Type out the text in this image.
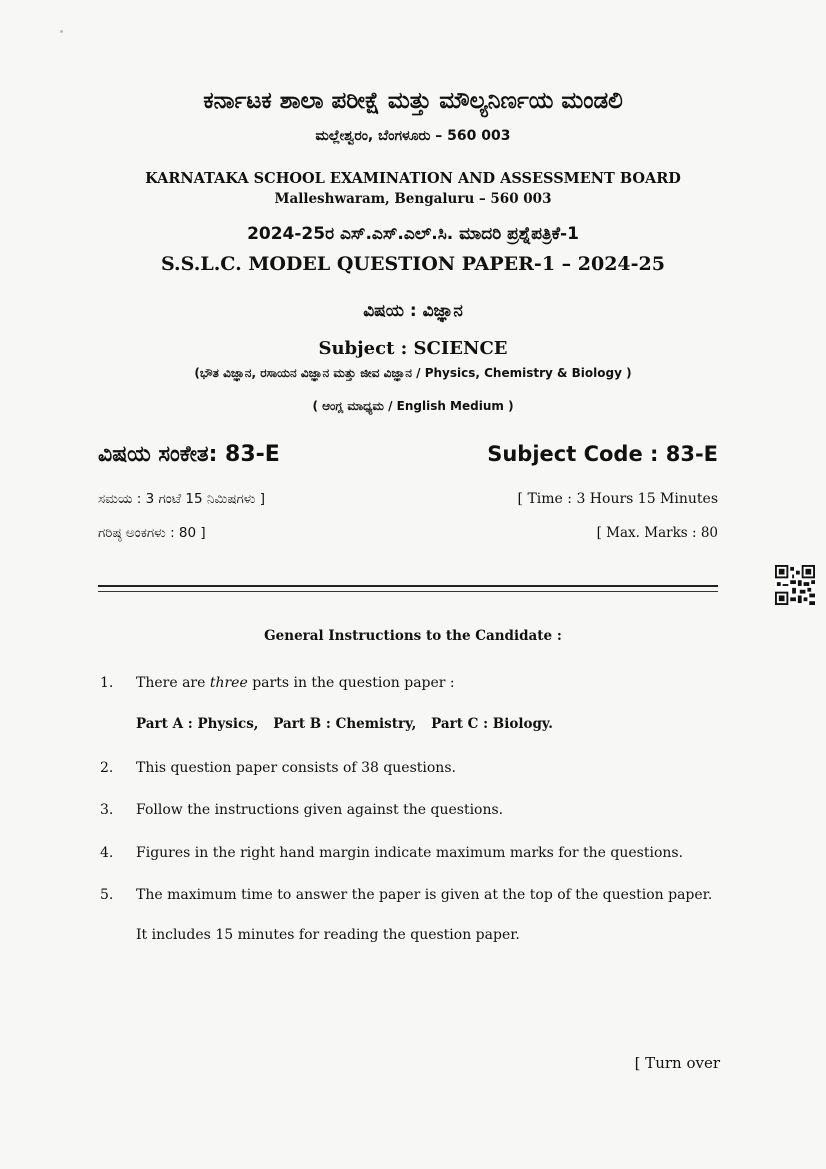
ಕರ್ನಾಟಕ ಶಾಲಾ ಪರೀಕ್ಷೆ ಮತ್ತು ಮೌಲ್ಯನಿರ್ಣಯ ಮಂಡಲಿ
ಮಲ್ಲೇಶ್ವರಂ, ಬೆಂಗಳೂರು – 560 003
KARNATAKA SCHOOL EXAMINATION AND ASSESSMENT BOARD
Malleshwaram, Bengaluru – 560 003
2024-25ರ ಎಸ್.ಎಸ್.ಎಲ್.ಸಿ. ಮಾದರಿ ಪ್ರಶ್ನೆಪತ್ರಿಕೆ-1
S.S.L.C. MODEL QUESTION PAPER-1 – 2024-25
ವಿಷಯ : ವಿಜ್ಞಾನ
Subject : SCIENCE
(ಭೌತ ವಿಜ್ಞಾನ, ರಸಾಯನ ವಿಜ್ಞಾನ ಮತ್ತು ಜೀವ ವಿಜ್ಞಾನ / Physics, Chemistry & Biology )
( ಆಂಗ್ಲ ಮಾಧ್ಯಮ / English Medium )
ವಿಷಯ ಸಂಕೇತ: 83-E	Subject Code : 83-E
ಸಮಯ : 3 ಗಂಟೆ 15 ನಿಮಿಷಗಳು ]	[ Time : 3 Hours 15 Minutes
ಗರಿಷ್ಠ ಅಂಕಗಳು : 80 ]	[ Max. Marks : 80
General Instructions to the Candidate :
1. There are three parts in the question paper :
Part A : Physics, Part B : Chemistry, Part C : Biology.
2. This question paper consists of 38 questions.
3. Follow the instructions given against the questions.
4. Figures in the right hand margin indicate maximum marks for the questions.
5. The maximum time to answer the paper is given at the top of the question paper.
It includes 15 minutes for reading the question paper.
[ Turn over
